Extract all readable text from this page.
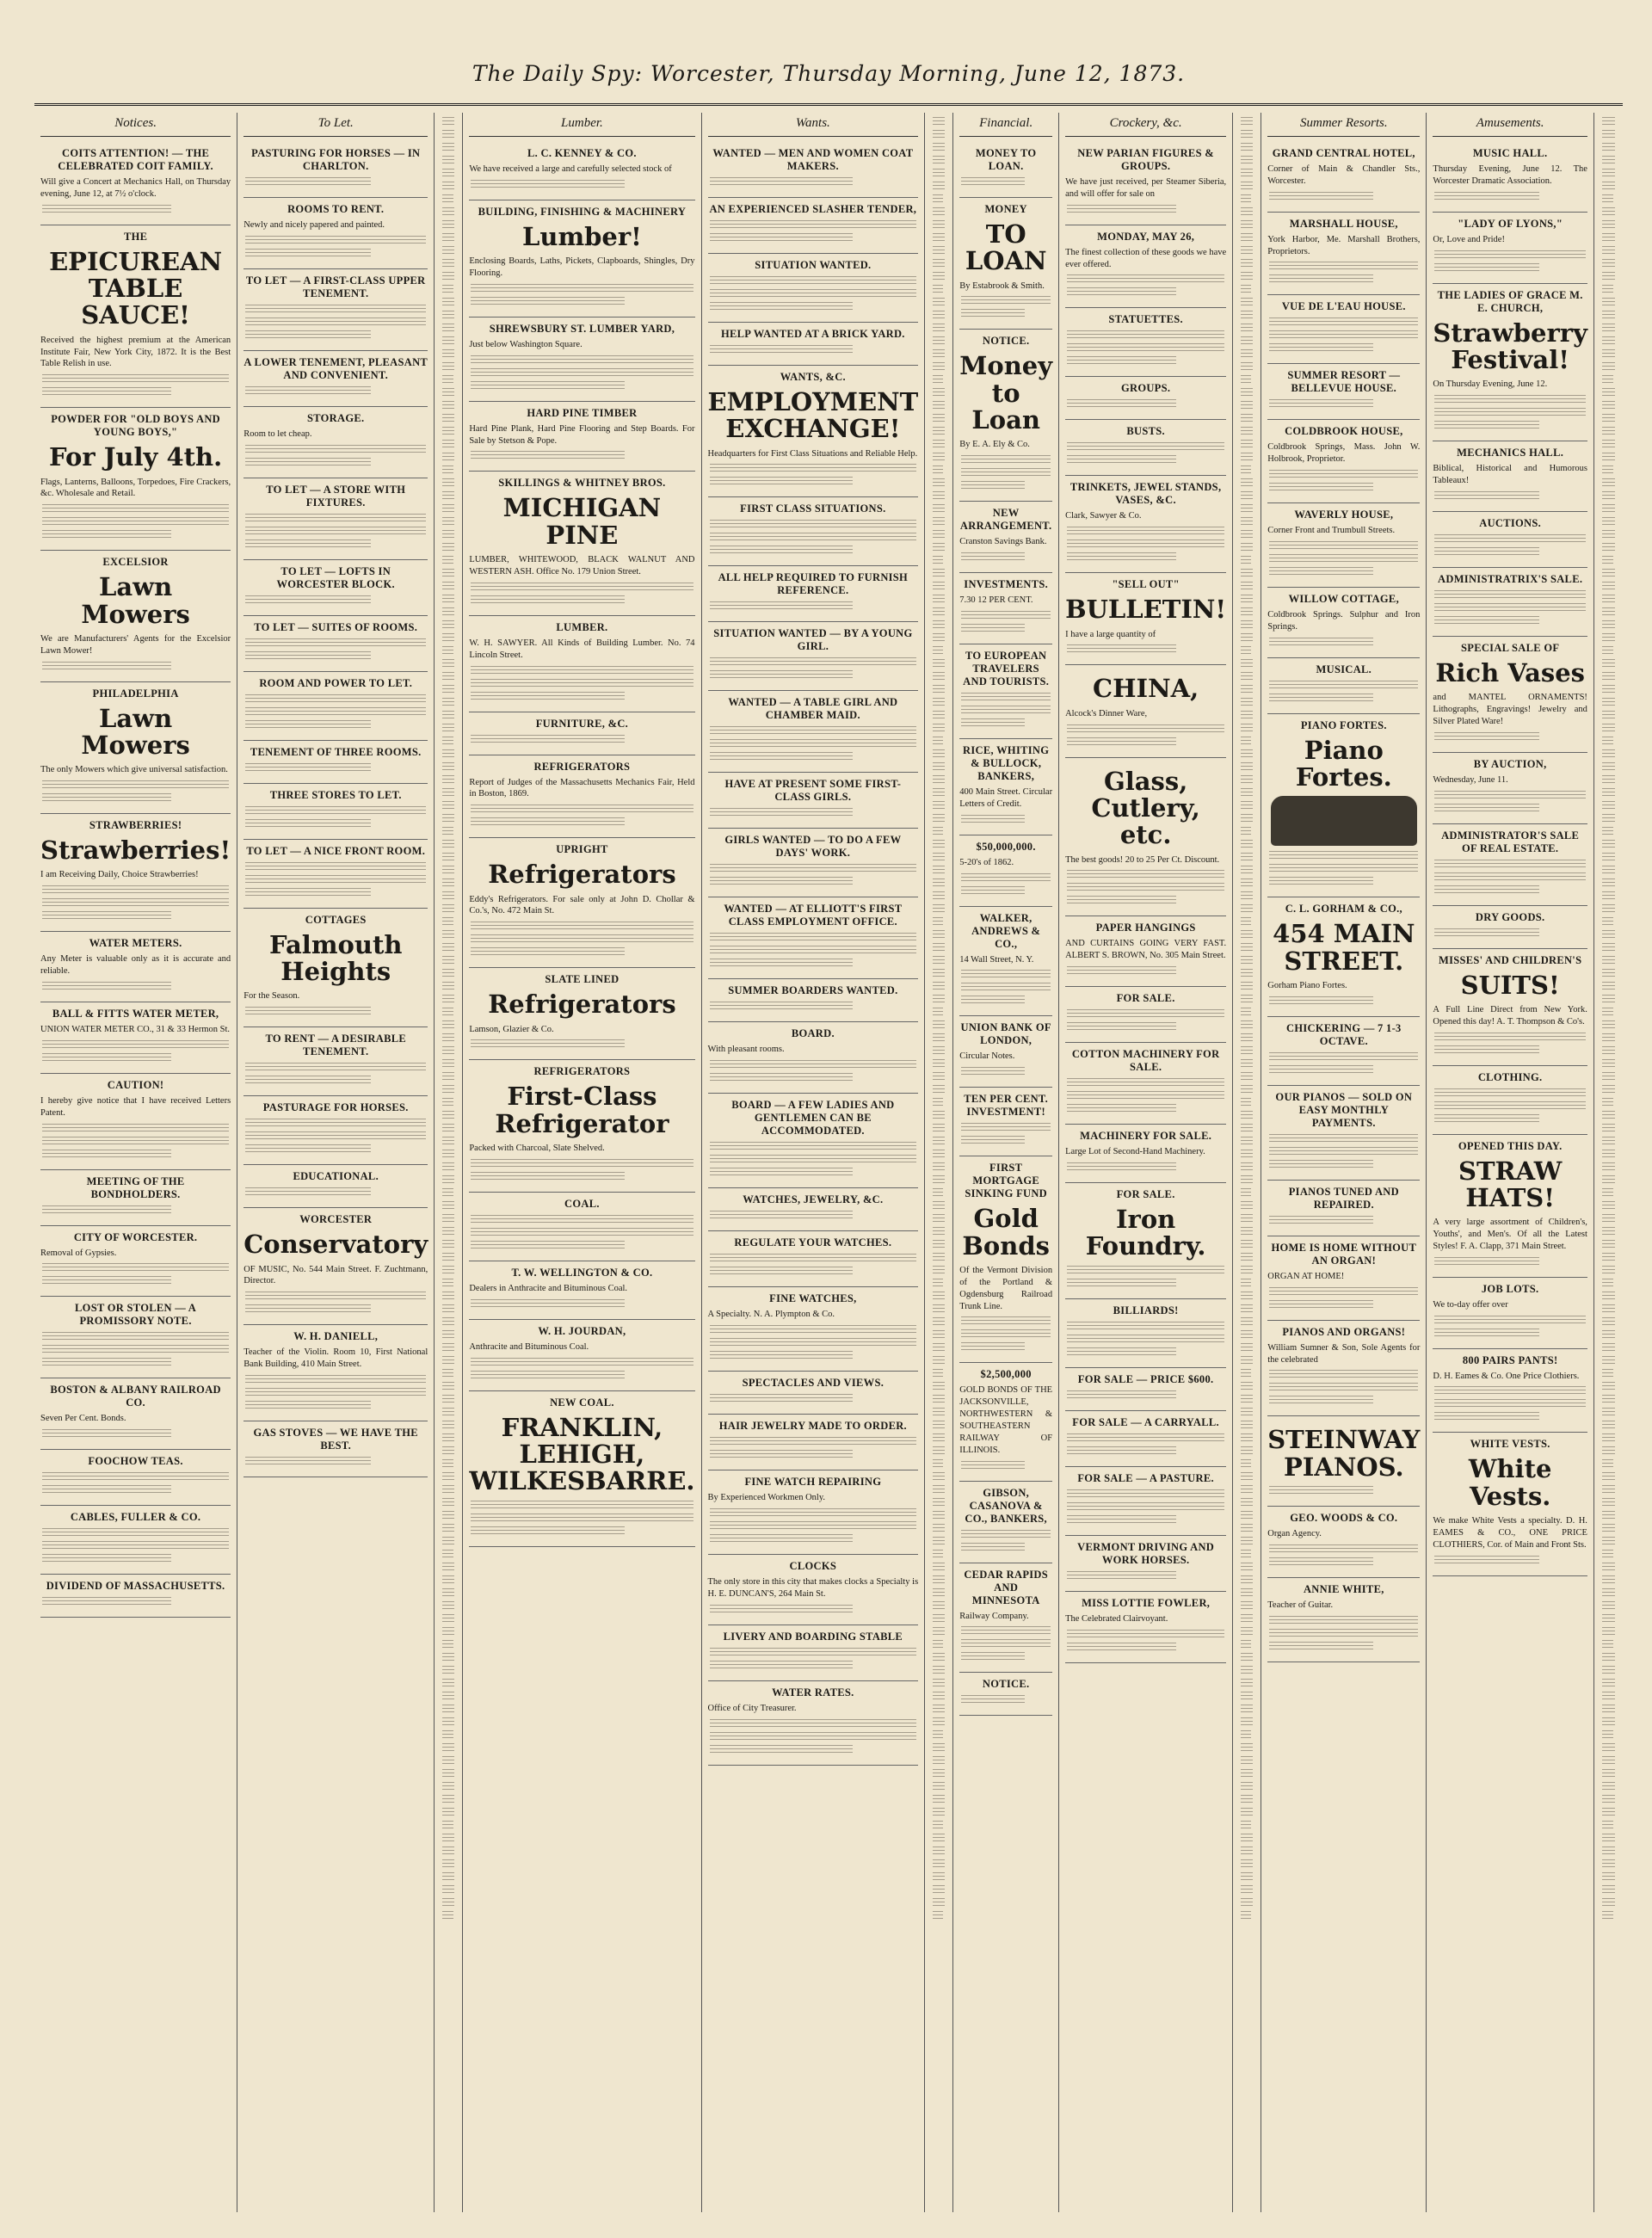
The Daily Spy: Worcester, Thursday Morning, June 12, 1873.
Notices.
COITS ATTENTION! — THE CELEBRATED COIT FAMILY.
Will give a Concert at Mechanics Hall, on Thursday evening, June 12, at 7½ o'clock.
THE
EPICUREAN TABLE SAUCE!
Received the highest premium at the American Institute Fair, New York City, 1872. It is the Best Table Relish in use.
POWDER FOR "OLD BOYS AND YOUNG BOYS,"
For July 4th.
Flags, Lanterns, Balloons, Torpedoes, Fire Crackers, &c. Wholesale and Retail.
EXCELSIOR
Lawn Mowers
We are Manufacturers' Agents for the Excelsior Lawn Mower!
PHILADELPHIA
Lawn Mowers
The only Mowers which give universal satisfaction.
STRAWBERRIES!
Strawberries!
I am Receiving Daily, Choice Strawberries!
WATER METERS.
Any Meter is valuable only as it is accurate and reliable.
BALL & FITTS WATER METER,
UNION WATER METER CO., 31 & 33 Hermon St.
CAUTION!
I hereby give notice that I have received Letters Patent.
MEETING OF THE BONDHOLDERS.
CITY OF WORCESTER.
Removal of Gypsies.
LOST OR STOLEN — A PROMISSORY NOTE.
BOSTON & ALBANY RAILROAD CO.
Seven Per Cent. Bonds.
FOOCHOW TEAS.
CABLES, FULLER & CO.
DIVIDEND OF MASSACHUSETTS.
To Let.
PASTURING FOR HORSES — IN CHARLTON.
ROOMS TO RENT.
Newly and nicely papered and painted.
TO LET — A FIRST-CLASS UPPER TENEMENT.
A LOWER TENEMENT, PLEASANT AND CONVENIENT.
STORAGE.
Room to let cheap.
TO LET — A STORE WITH FIXTURES.
TO LET — LOFTS IN WORCESTER BLOCK.
TO LET — SUITES OF ROOMS.
ROOM AND POWER TO LET.
TENEMENT OF THREE ROOMS.
THREE STORES TO LET.
TO LET — A NICE FRONT ROOM.
COTTAGES
Falmouth Heights
For the Season.
TO RENT — A DESIRABLE TENEMENT.
PASTURAGE FOR HORSES.
EDUCATIONAL.
WORCESTER
Conservatory
OF MUSIC, No. 544 Main Street. F. Zuchtmann, Director.
W. H. DANIELL,
Teacher of the Violin. Room 10, First National Bank Building, 410 Main Street.
GAS STOVES — WE HAVE THE BEST.
Lumber.
L. C. KENNEY & CO.
We have received a large and carefully selected stock of
BUILDING, FINISHING & MACHINERY
Lumber!
Enclosing Boards, Laths, Pickets, Clapboards, Shingles, Dry Flooring.
SHREWSBURY ST. LUMBER YARD,
Just below Washington Square.
HARD PINE TIMBER
Hard Pine Plank, Hard Pine Flooring and Step Boards. For Sale by Stetson & Pope.
SKILLINGS & WHITNEY BROS.
MICHIGAN PINE
LUMBER, WHITEWOOD, BLACK WALNUT AND WESTERN ASH. Office No. 179 Union Street.
LUMBER.
W. H. SAWYER. All Kinds of Building Lumber. No. 74 Lincoln Street.
FURNITURE, &C.
REFRIGERATORS
Report of Judges of the Massachusetts Mechanics Fair, Held in Boston, 1869.
UPRIGHT
Refrigerators
Eddy's Refrigerators. For sale only at John D. Chollar & Co.'s, No. 472 Main St.
SLATE LINED
Refrigerators
Lamson, Glazier & Co.
REFRIGERATORS
First-Class Refrigerator
Packed with Charcoal, Slate Shelved.
COAL.
T. W. WELLINGTON & CO.
Dealers in Anthracite and Bituminous Coal.
W. H. JOURDAN,
Anthracite and Bituminous Coal.
NEW COAL.
FRANKLIN, LEHIGH, WILKESBARRE.
Wants.
WANTED — MEN AND WOMEN COAT MAKERS.
AN EXPERIENCED SLASHER TENDER,
SITUATION WANTED.
HELP WANTED AT A BRICK YARD.
WANTS, &C.
EMPLOYMENT EXCHANGE!
Headquarters for First Class Situations and Reliable Help.
FIRST CLASS SITUATIONS.
ALL HELP REQUIRED TO FURNISH REFERENCE.
SITUATION WANTED — BY A YOUNG GIRL.
WANTED — A TABLE GIRL AND CHAMBER MAID.
HAVE AT PRESENT SOME FIRST-CLASS GIRLS.
GIRLS WANTED — TO DO A FEW DAYS' WORK.
WANTED — AT ELLIOTT'S FIRST CLASS EMPLOYMENT OFFICE.
SUMMER BOARDERS WANTED.
BOARD.
With pleasant rooms.
BOARD — A FEW LADIES AND GENTLEMEN CAN BE ACCOMMODATED.
WATCHES, JEWELRY, &C.
REGULATE YOUR WATCHES.
FINE WATCHES,
A Specialty. N. A. Plympton & Co.
SPECTACLES AND VIEWS.
HAIR JEWELRY MADE TO ORDER.
FINE WATCH REPAIRING
By Experienced Workmen Only.
CLOCKS
The only store in this city that makes clocks a Specialty is H. E. DUNCAN'S, 264 Main St.
LIVERY AND BOARDING STABLE
WATER RATES.
Office of City Treasurer.
Financial.
MONEY TO LOAN.
MONEY
TO LOAN
By Estabrook & Smith.
NOTICE.
Money to Loan
By E. A. Ely & Co.
NEW ARRANGEMENT.
Cranston Savings Bank.
INVESTMENTS.
7.30 12 PER CENT.
TO EUROPEAN TRAVELERS AND TOURISTS.
RICE, WHITING & BULLOCK, BANKERS,
400 Main Street. Circular Letters of Credit.
$50,000,000.
5-20's of 1862.
WALKER, ANDREWS & CO.,
14 Wall Street, N. Y.
UNION BANK OF LONDON,
Circular Notes.
TEN PER CENT. INVESTMENT!
FIRST MORTGAGE SINKING FUND
Gold Bonds
Of the Vermont Division of the Portland & Ogdensburg Railroad Trunk Line.
$2,500,000
GOLD BONDS OF THE JACKSONVILLE, NORTHWESTERN & SOUTHEASTERN RAILWAY OF ILLINOIS.
GIBSON, CASANOVA & CO., BANKERS,
CEDAR RAPIDS AND MINNESOTA
Railway Company.
NOTICE.
Crockery, &c.
NEW PARIAN FIGURES & GROUPS.
We have just received, per Steamer Siberia, and will offer for sale on
MONDAY, MAY 26,
The finest collection of these goods we have ever offered.
STATUETTES.
GROUPS.
BUSTS.
TRINKETS, JEWEL STANDS, VASES, &C.
Clark, Sawyer & Co.
"SELL OUT"
BULLETIN!
I have a large quantity of
CHINA,
Alcock's Dinner Ware,
Glass, Cutlery, etc.
The best goods! 20 to 25 Per Ct. Discount.
PAPER HANGINGS
AND CURTAINS GOING VERY FAST. ALBERT S. BROWN, No. 305 Main Street.
FOR SALE.
COTTON MACHINERY FOR SALE.
MACHINERY FOR SALE.
Large Lot of Second-Hand Machinery.
FOR SALE.
Iron Foundry.
BILLIARDS!
FOR SALE — PRICE $600.
FOR SALE — A CARRYALL.
FOR SALE — A PASTURE.
VERMONT DRIVING AND WORK HORSES.
MISS LOTTIE FOWLER,
The Celebrated Clairvoyant.
Summer Resorts.
GRAND CENTRAL HOTEL,
Corner of Main & Chandler Sts., Worcester.
MARSHALL HOUSE,
York Harbor, Me. Marshall Brothers, Proprietors.
VUE DE L'EAU HOUSE.
SUMMER RESORT — BELLEVUE HOUSE.
COLDBROOK HOUSE,
Coldbrook Springs, Mass. John W. Holbrook, Proprietor.
WAVERLY HOUSE,
Corner Front and Trumbull Streets.
WILLOW COTTAGE,
Coldbrook Springs. Sulphur and Iron Springs.
MUSICAL.
PIANO FORTES.
Piano Fortes.
C. L. GORHAM & CO.,
454 MAIN STREET.
Gorham Piano Fortes.
CHICKERING — 7 1-3 OCTAVE.
OUR PIANOS — SOLD ON EASY MONTHLY PAYMENTS.
PIANOS TUNED AND REPAIRED.
HOME IS HOME WITHOUT AN ORGAN!
ORGAN AT HOME!
PIANOS AND ORGANS!
William Sumner & Son, Sole Agents for the celebrated
STEINWAY PIANOS.
GEO. WOODS & CO.
Organ Agency.
ANNIE WHITE,
Teacher of Guitar.
Amusements.
MUSIC HALL.
Thursday Evening, June 12. The Worcester Dramatic Association.
"LADY OF LYONS,"
Or, Love and Pride!
THE LADIES OF GRACE M. E. CHURCH,
Strawberry Festival!
On Thursday Evening, June 12.
MECHANICS HALL.
Biblical, Historical and Humorous Tableaux!
AUCTIONS.
ADMINISTRATRIX'S SALE.
SPECIAL SALE OF
Rich Vases
and MANTEL ORNAMENTS! Lithographs, Engravings! Jewelry and Silver Plated Ware!
BY AUCTION,
Wednesday, June 11.
ADMINISTRATOR'S SALE OF REAL ESTATE.
DRY GOODS.
MISSES' AND CHILDREN'S
SUITS!
A Full Line Direct from New York. Opened this day! A. T. Thompson & Co's.
CLOTHING.
OPENED THIS DAY.
STRAW HATS!
A very large assortment of Children's, Youths', and Men's. Of all the Latest Styles! F. A. Clapp, 371 Main Street.
JOB LOTS.
We to-day offer over
800 PAIRS PANTS!
D. H. Eames & Co. One Price Clothiers.
WHITE VESTS.
White Vests.
We make White Vests a specialty. D. H. EAMES & CO., ONE PRICE CLOTHIERS, Cor. of Main and Front Sts.
